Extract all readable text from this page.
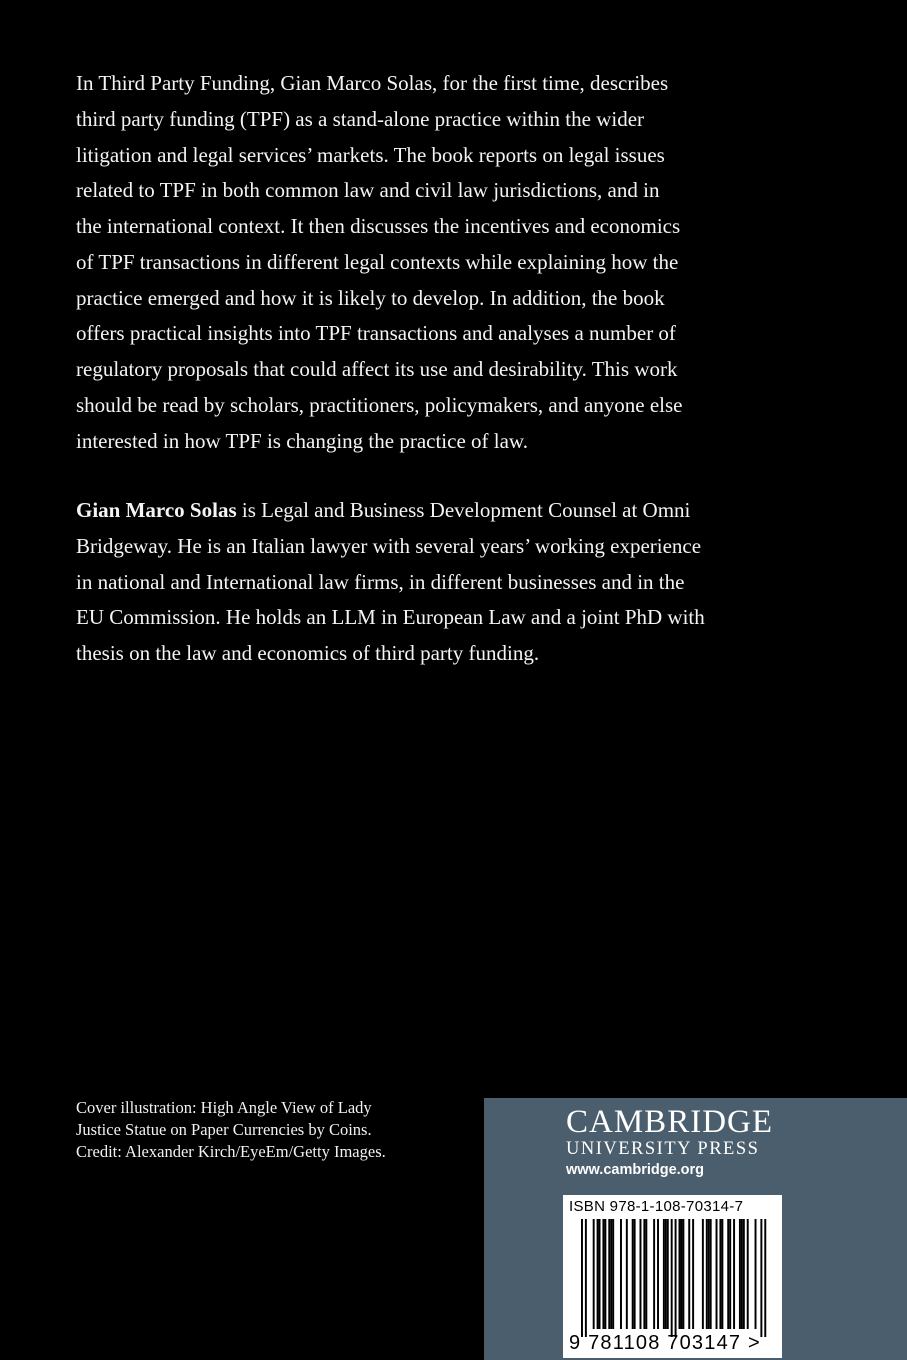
In Third Party Funding, Gian Marco Solas, for the first time, describes
third party funding (TPF) as a stand-alone practice within the wider
litigation and legal services’ markets. The book reports on legal issues
related to TPF in both common law and civil law jurisdictions, and in
the international context. It then discusses the incentives and economics
of TPF transactions in different legal contexts while explaining how the
practice emerged and how it is likely to develop. In addition, the book
offers practical insights into TPF transactions and analyses a number of
regulatory proposals that could affect its use and desirability. This work
should be read by scholars, practitioners, policymakers, and anyone else
interested in how TPF is changing the practice of law.
Gian Marco Solas is Legal and Business Development Counsel at Omni
Bridgeway. He is an Italian lawyer with several years’ working experience
in national and International law firms, in different businesses and in the
EU Commission. He holds an LLM in European Law and a joint PhD with
thesis on the law and economics of third party funding.
Cover illustration: High Angle View of Lady
Justice Statue on Paper Currencies by Coins.
Credit: Alexander Kirch/EyeEm/Getty Images.
CAMBRIDGE
UNIVERSITY PRESS
www.cambridge.org
ISBN 978-1-108-70314-7
9 781108 703147 >
